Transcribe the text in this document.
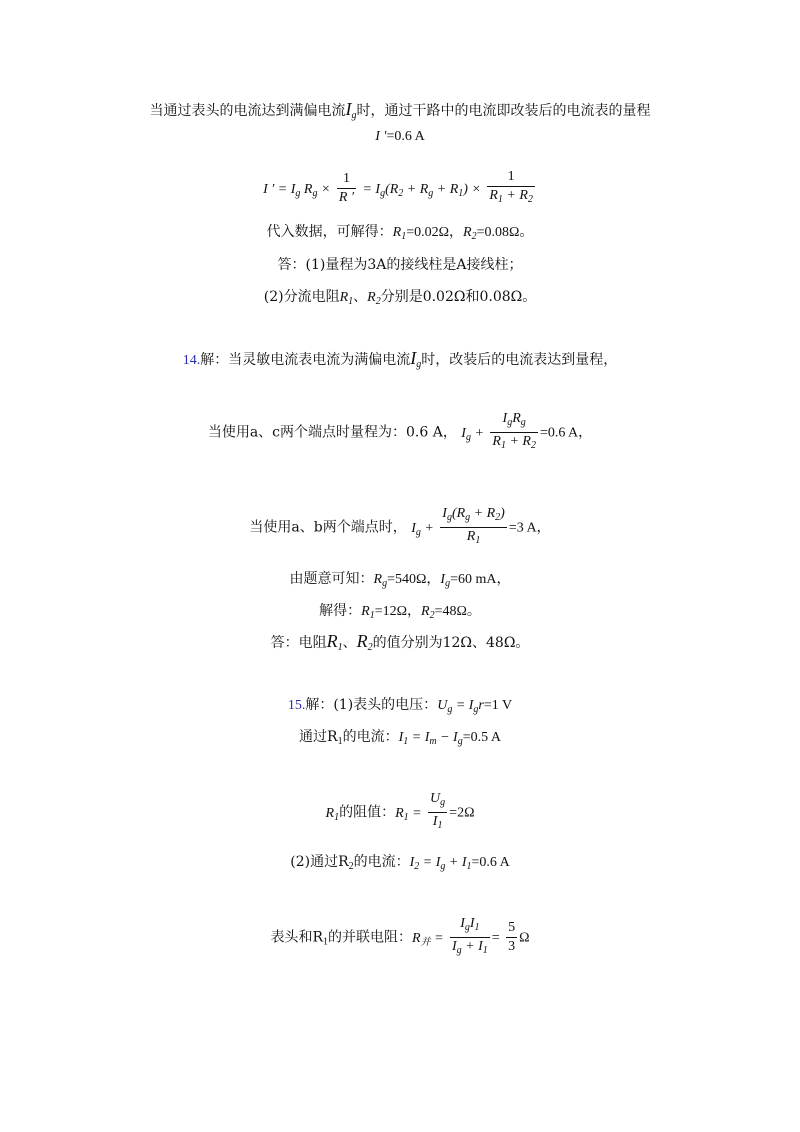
当通过表头的电流达到满偏电流$I_g$时，通过干路中的电流即改装后的电流表的量程
I ′=0.6 A
I ′ = $I_g$ $R_g \times \frac{1}{R '} = I_g(R_2 + R_g + R_1) \times \frac{1}{R_1 + R_2}$
代入数据，可解得：$R_1=0.02\Omega$，$R_2=0.08\Omega$。
答：(1)量程为3A的接线柱是A接线柱；
(2)分流电阻$R_1$、$R_2$分别是0.02Ω和0.08Ω。
14.解：当灵敏电流表电流为满偏电流$I_g$时，改装后的电流表达到量程，
当使用a、c两个端点时量程为：0.6 A， $I_g + \frac{I_gR_g}{R_1 + R_2} =0.6$ A，
当使用a、b两个端点时， $I_g + \frac{I_g(R_g + R_2)}{R_1} =3$ A，
由题意可知：$R_g=540\Omega$，$I_g=60$ mA，
解得：$R_1=12\Omega$，$R_2=48\Omega$。
答：电阻$R_1$、$R_2$的值分别为12Ω、48Ω。
15.解：(1)表头的电压：$U_g = I_gr=1$ V
通过$R_1$的电流：$I_1 = I_m - I_g=0.5$ A
$R_1$的阻值：$R_1 = \frac{U_g}{I_1} =2\Omega$
(2)通过$R_2$的电流：$I_2 = I_g + I_1=0.6$ A
表头和$R_1$的并联电阻：$R_并 = \frac{I_gI_1}{I_g + I_1} = \frac{5}{3}$ Ω
